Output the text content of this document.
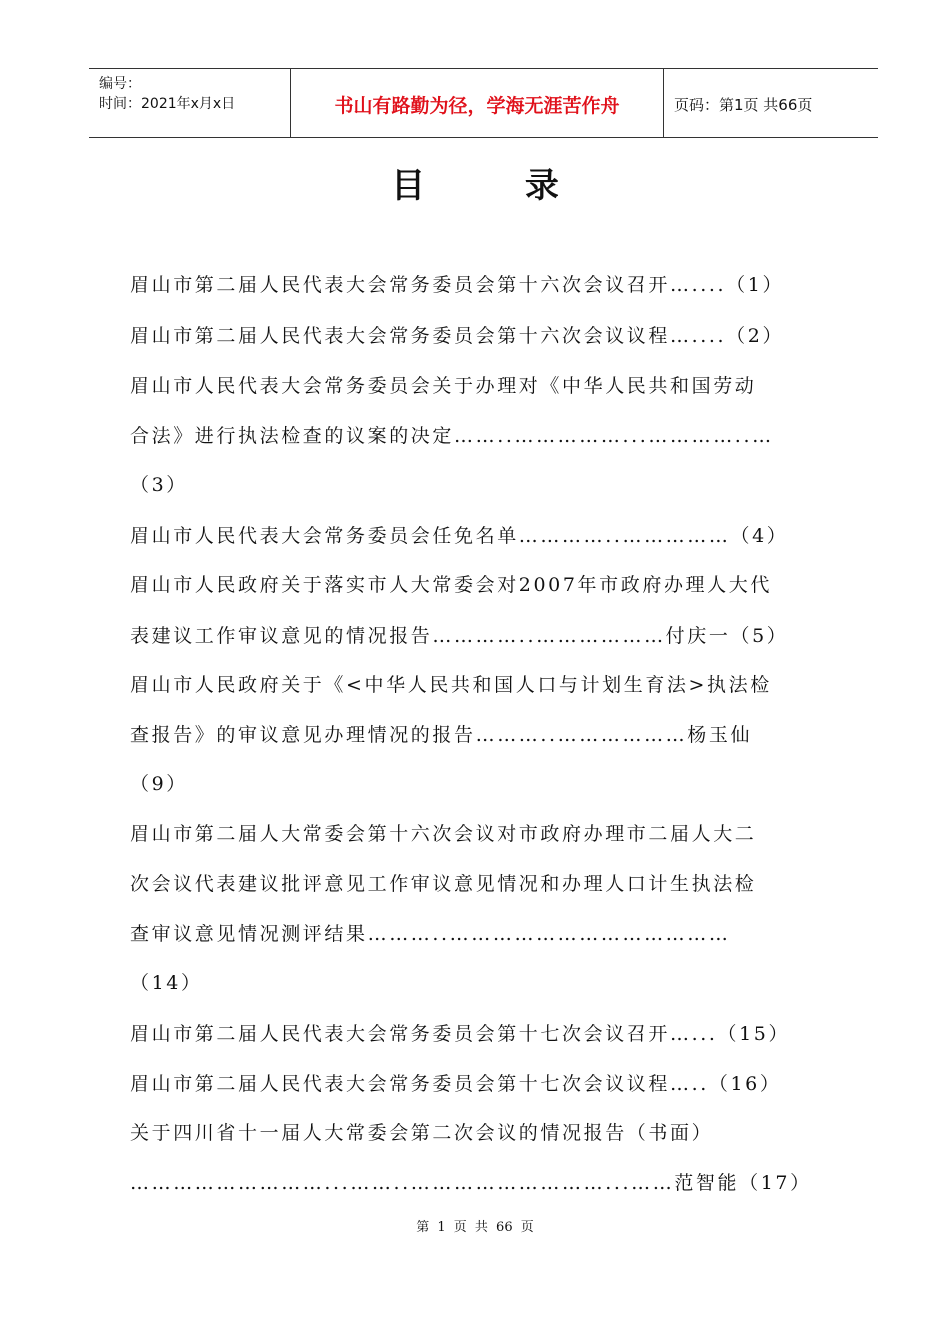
编号：
时间：2021年x月x日	书山有路勤为径，学海无涯苦作舟	页码：第1页 共66页
目 录
眉山市第二届人民代表大会常务委员会第十六次会议召开…....（1）
眉山市第二届人民代表大会常务委员会第十六次会议议程…....（2）
眉山市人民代表大会常务委员会关于办理对《中华人民共和国劳动
合法》进行执法检查的议案的决定……..……………...…………..…
（3）
眉山市人民代表大会常务委员会任免名单…………..……………（4）
眉山市人民政府关于落实市人大常委会对2007年市政府办理人大代
表建议工作审议意见的情况报告…………..………………付庆一（5）
眉山市人民政府关于《<中华人民共和国人口与计划生育法>执法检
查报告》的审议意见办理情况的报告………..………………杨玉仙
（9）
眉山市第二届人大常委会第十六次会议对市政府办理市二届人大二
次会议代表建议批评意见工作审议意见情况和办理人口计生执法检
查审议意见情况测评结果………..…………………………………
（14）
眉山市第二届人民代表大会常务委员会第十七次会议召开…...（15）
眉山市第二届人民代表大会常务委员会第十七次会议议程…..（16）
关于四川省十一届人大常委会第二次会议的情况报告（书面）
………………………...……..………………………...……范智能（17）
第 1 页 共 66 页
